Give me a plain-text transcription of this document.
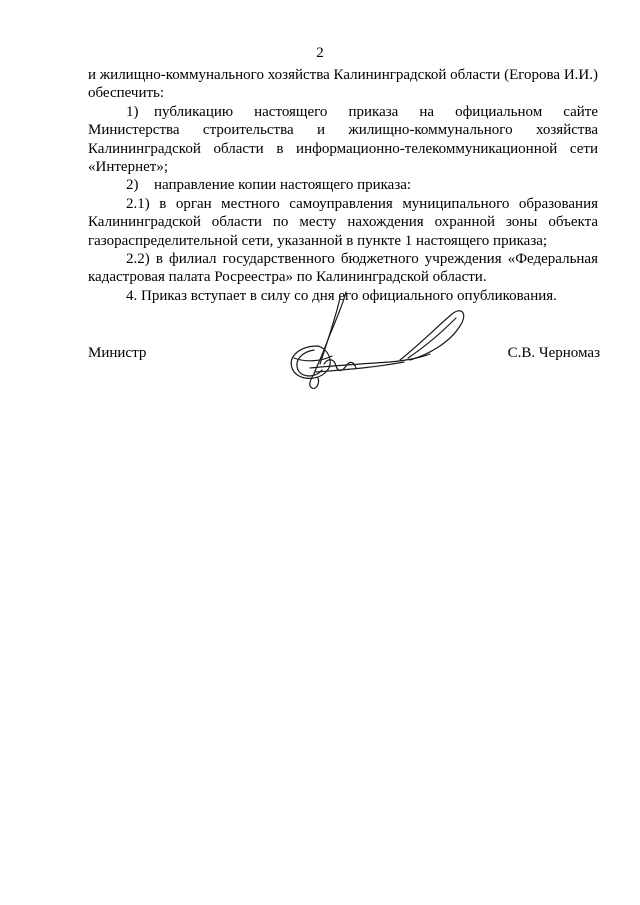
2

и жилищно-коммунального хозяйства Калининградской области (Егорова И.И.) обеспечить:

1) публикацию настоящего приказа на официальном сайте Министерства строительства и жилищно-коммунального хозяйства Калининградской области в информационно-телекоммуникационной сети «Интернет»;

2) направление копии настоящего приказа:

2.1) в орган местного самоуправления муниципального образования Калининградской области по месту нахождения охранной зоны объекта газораспределительной сети, указанной в пункте 1 настоящего приказа;

2.2) в филиал государственного бюджетного учреждения «Федеральная кадастровая палата Росреестра» по Калининградской области.

4. Приказ вступает в силу со дня его официального опубликования.

Министр	С.В. Черномаз
